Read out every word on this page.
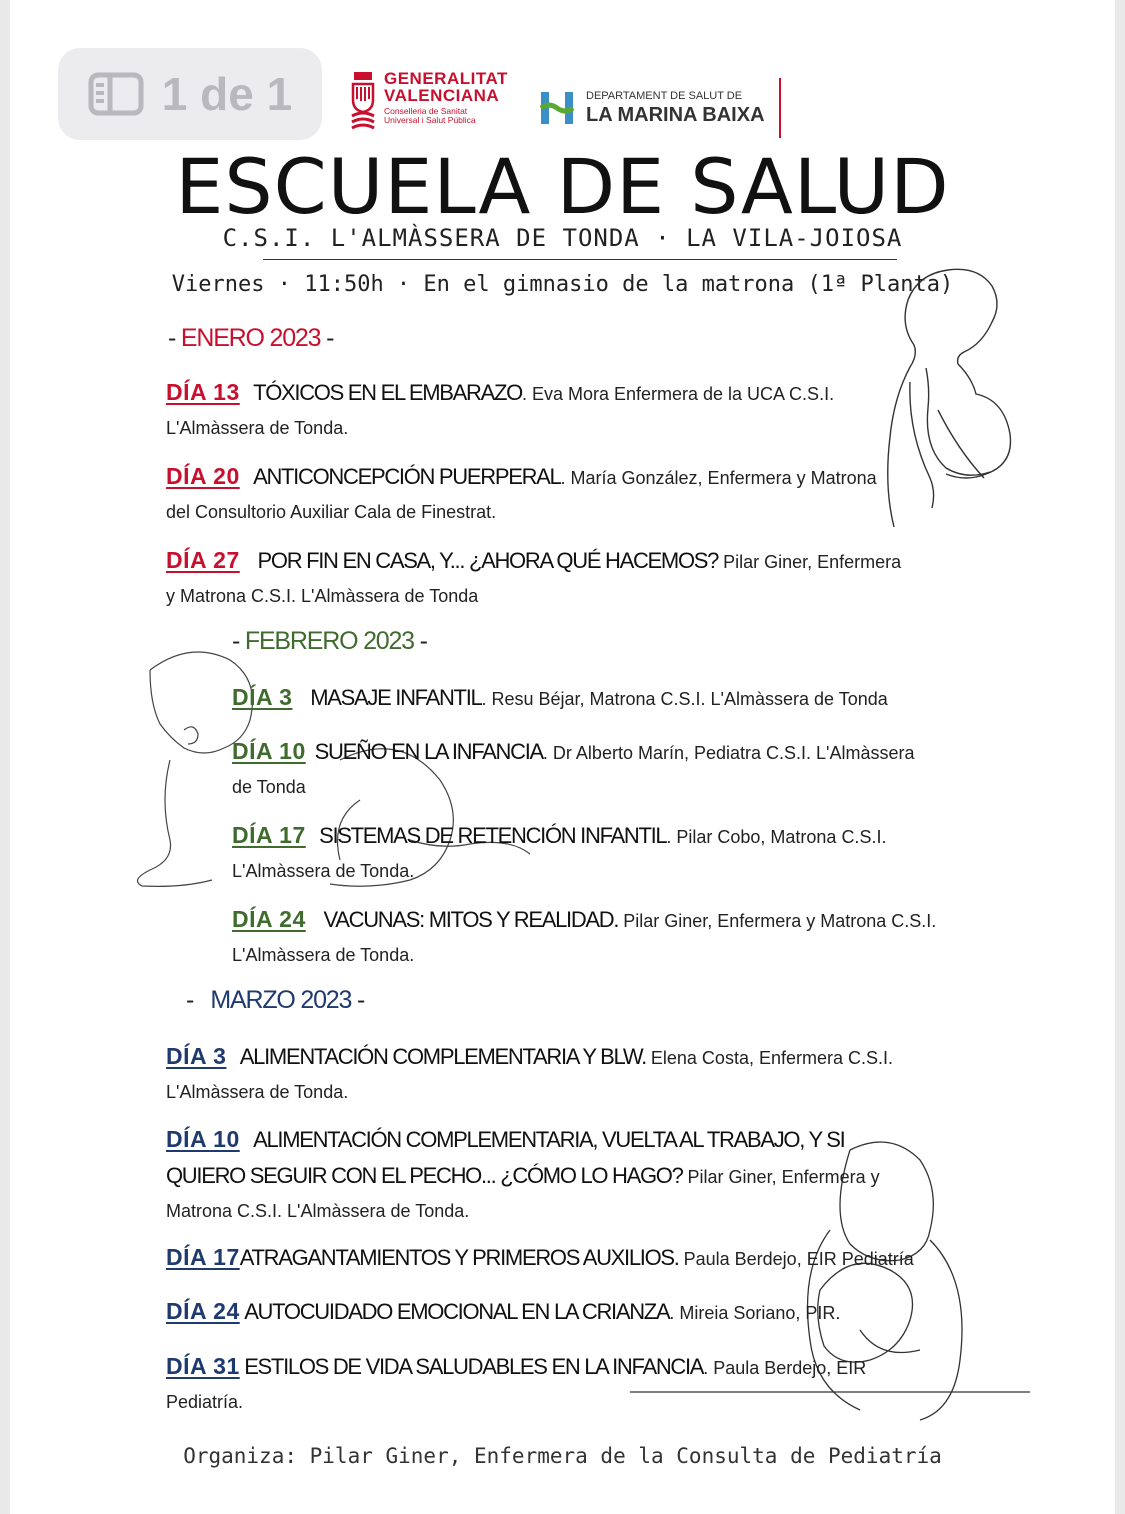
GENERALITAT
VALENCIANA
Conselleria de Sanitat
Universal i Salut Pública
DEPARTAMENT DE SALUT DE
LA MARINA BAIXA
ESCUELA DE SALUD
C.S.I. L'ALMÀSSERA DE TONDA · LA VILA-JOIOSA
Viernes · 11:50h · En el gimnasio de la matrona (1ª Planta)
- ENERO 2023 -
DÍA 13 TÓXICOS EN EL EMBARAZO. Eva Mora Enfermera de la UCA C.S.I.
L'Almàssera de Tonda.
DÍA 20 ANTICONCEPCIÓN PUERPERAL. María González, Enfermera y Matrona
del Consultorio Auxiliar Cala de Finestrat.
DÍA 27 POR FIN EN CASA, Y... ¿AHORA QUÉ HACEMOS? Pilar Giner, Enfermera
y Matrona C.S.I. L'Almàssera de Tonda
- FEBRERO 2023 -
DÍA 3 MASAJE INFANTIL. Resu Béjar, Matrona C.S.I. L'Almàssera de Tonda
DÍA 10 SUEÑO EN LA INFANCIA. Dr Alberto Marín, Pediatra C.S.I. L'Almàssera
de Tonda
DÍA 17 SISTEMAS DE RETENCIÓN INFANTIL. Pilar Cobo, Matrona C.S.I.
L'Almàssera de Tonda.
DÍA 24 VACUNAS: MITOS Y REALIDAD. Pilar Giner, Enfermera y Matrona C.S.I.
L'Almàssera de Tonda.
-   MARZO 2023 -
DÍA 3 ALIMENTACIÓN COMPLEMENTARIA Y BLW. Elena Costa, Enfermera C.S.I.
L'Almàssera de Tonda.
DÍA 10 ALIMENTACIÓN COMPLEMENTARIA, VUELTA AL TRABAJO, Y SI
QUIERO SEGUIR CON EL PECHO... ¿CÓMO LO HAGO? Pilar Giner, Enfermera y
Matrona C.S.I. L'Almàssera de Tonda.
DÍA 17ATRAGANTAMIENTOS Y PRIMEROS AUXILIOS. Paula Berdejo, EIR Pediatría
DÍA 24 AUTOCUIDADO EMOCIONAL EN LA CRIANZA. Mireia Soriano, PIR.
DÍA 31 ESTILOS DE VIDA SALUDABLES EN LA INFANCIA. Paula Berdejo, EIR
Pediatría.
Organiza: Pilar Giner, Enfermera de la Consulta de Pediatría
1 de 1
